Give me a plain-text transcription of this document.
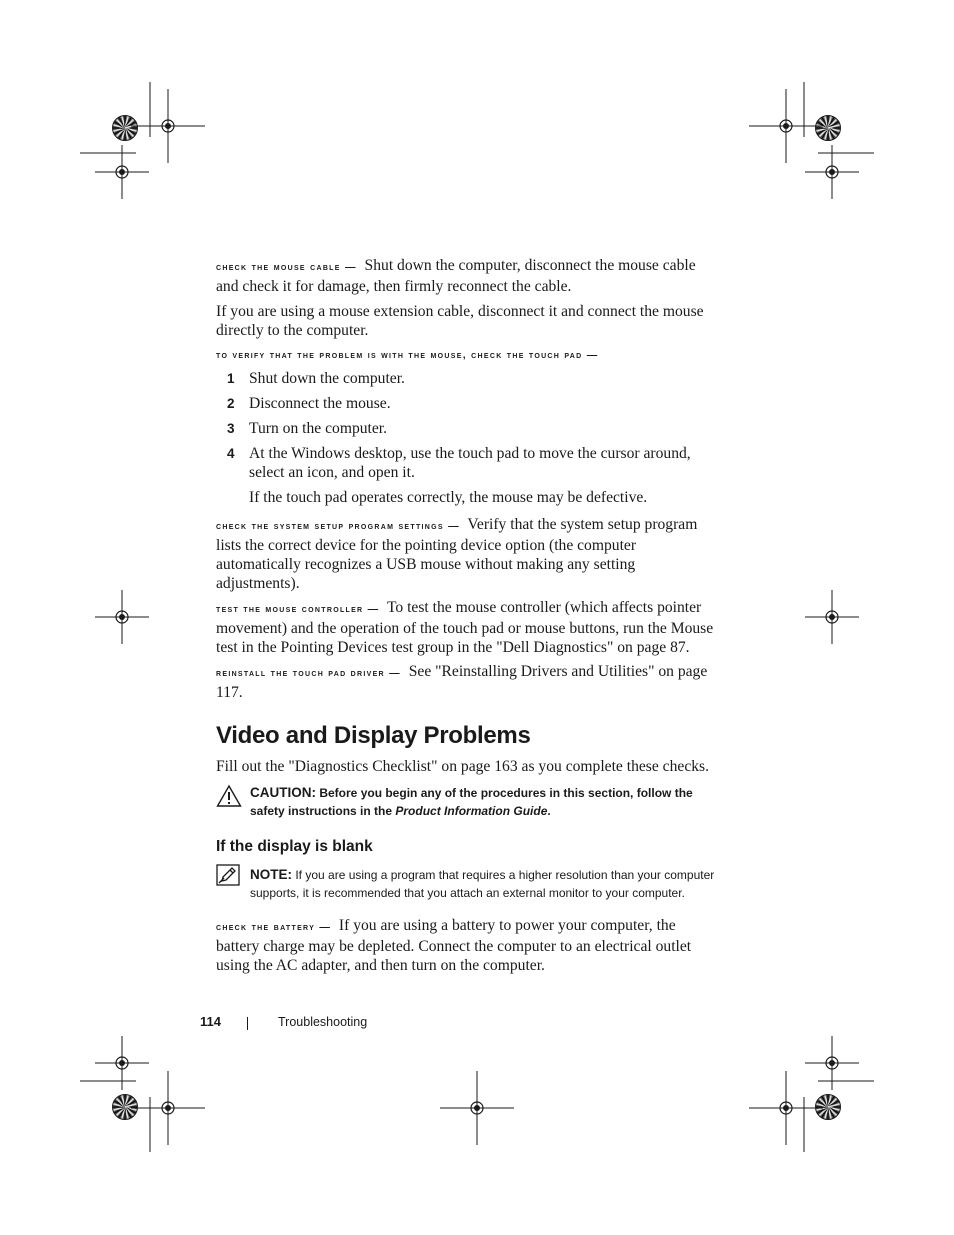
check the mouse cable — Shut down the computer, disconnect the mouse cable and check it for damage, then firmly reconnect the cable.

If you are using a mouse extension cable, disconnect it and connect the mouse directly to the computer.

to verify that the problem is with the mouse, check the touch pad —

1 Shut down the computer.
2 Disconnect the mouse.
3 Turn on the computer.
4 At the Windows desktop, use the touch pad to move the cursor around, select an icon, and open it.

If the touch pad operates correctly, the mouse may be defective.

check the system setup program settings — Verify that the system setup program lists the correct device for the pointing device option (the computer automatically recognizes a USB mouse without making any setting adjustments).

test the mouse controller — To test the mouse controller (which affects pointer movement) and the operation of the touch pad or mouse buttons, run the Mouse test in the Pointing Devices test group in the "Dell Diagnostics" on page 87.

reinstall the touch pad driver — See "Reinstalling Drivers and Utilities" on page 117.

Video and Display Problems

Fill out the "Diagnostics Checklist" on page 163 as you complete these checks.

CAUTION: Before you begin any of the procedures in this section, follow the safety instructions in the Product Information Guide.
If the display is blank
NOTE: If you are using a program that requires a higher resolution than your computer supports, it is recommended that you attach an external monitor to your computer.

check the battery — If you are using a battery to power your computer, the battery charge may be depleted. Connect the computer to an electrical outlet using the AC adapter, and then turn on the computer.

114	Troubleshooting
